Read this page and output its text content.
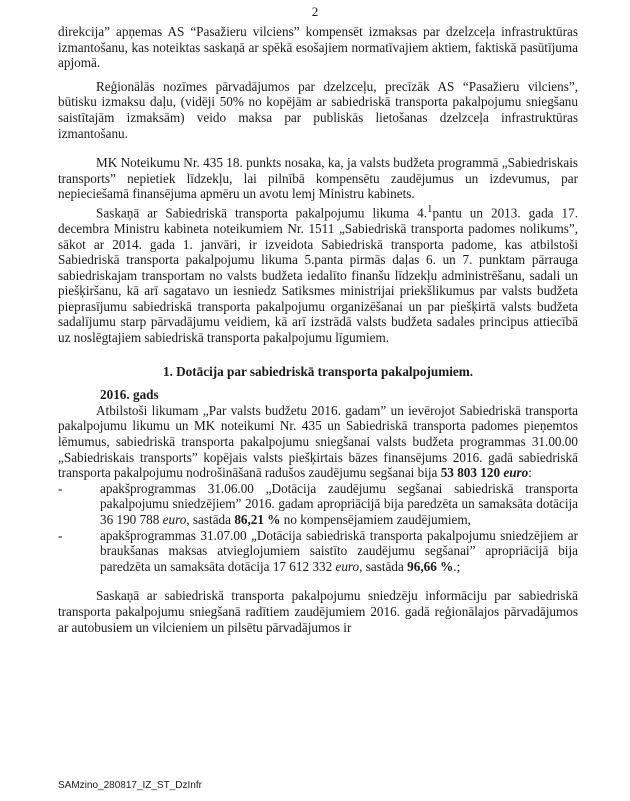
2

direkcija” apņemas AS “Pasažieru vilciens” kompensēt izmaksas par dzelzceļa infrastruktūras izmantošanu, kas noteiktas saskaņā ar spēkā esošajiem normatīvajiem aktiem, faktiskā pasūtījuma apjomā.

Reģionālās nozīmes pārvadājumos par dzelzceļu, precīzāk AS “Pasažieru vilciens”, būtisku izmaksu daļu, (vidēji 50% no kopējām ar sabiedriskā transporta pakalpojumu sniegšanu saistītajām izmaksām) veido maksa par publiskās lietošanas dzelzceļa infrastruktūras izmantošanu.

MK Noteikumu Nr. 435 18. punkts nosaka, ka, ja valsts budžeta programmā „Sabiedriskais transports” nepietiek līdzekļu, lai pilnībā kompensētu zaudējumus un izdevumus, par nepieciešamā finansējuma apmēru un avotu lemj Ministru kabinets.

Saskaņā ar Sabiedriskā transporta pakalpojumu likuma 4.$^1$pantu un 2013. gada 17. decembra Ministru kabineta noteikumiem Nr. 1511 „Sabiedriskā transporta padomes nolikums”, sākot ar 2014. gada 1. janvāri, ir izveidota Sabiedriskā transporta padome, kas atbilstoši Sabiedriskā transporta pakalpojumu likuma 5.panta pirmās daļas 6. un 7. punktam pārrauga sabiedriskajam transportam no valsts budžeta iedalīto finanšu līdzekļu administrēšanu, sadali un piešķiršanu, kā arī sagatavo un iesniedz Satiksmes ministrijai priekšlikumus par valsts budžeta pieprasījumu sabiedriskā transporta pakalpojumu organizēšanai un par piešķirtā valsts budžeta sadalījumu starp pārvadājumu veidiem, kā arī izstrādā valsts budžeta sadales principus attiecībā uz noslēgtajiem sabiedriskā transporta pakalpojumu līgumiem.

1. Dotācija par sabiedriskā transporta pakalpojumiem.

2016. gads

Atbilstoši likumam „Par valsts budžetu 2016. gadam” un ievērojot Sabiedriskā transporta pakalpojumu likumu un MK noteikumi Nr. 435 un Sabiedriskā transporta padomes pieņemtos lēmumus, sabiedriskā transporta pakalpojumu sniegšanai valsts budžeta programmas 31.00.00 „Sabiedriskais transports” kopējais valsts piešķirtais bāzes finansējums 2016. gadā sabiedriskā transporta pakalpojumu nodrošināšanā radušos zaudējumu segšanai bija 53 803 120 euro:

-	apakšprogrammas 31.06.00 „Dotācija zaudējumu segšanai sabiedriskā transporta pakalpojumu sniedzējiem” 2016. gadam apropriācijā bija paredzēta un samaksāta dotācija 36 190 788 euro, sastāda 86,21 % no kompensējamiem zaudējumiem,

-	apakšprogrammas 31.07.00 „Dotācija sabiedriskā transporta pakalpojumu sniedzējiem ar braukšanas maksas atvieglojumiem saistīto zaudējumu segšanai” apropriācijā bija paredzēta un samaksāta dotācija 17 612 332 euro, sastāda 96,66 %.;

Saskaņā ar sabiedriskā transporta pakalpojumu sniedzēju informāciju par sabiedriskā transporta pakalpojumu sniegšanā radītiem zaudējumiem 2016. gadā reģionālajos pārvadājumos ar autobusiem un vilcieniem un pilsētu pārvadājumos ir

SAMzino_280817_IZ_ST_DzInfr
